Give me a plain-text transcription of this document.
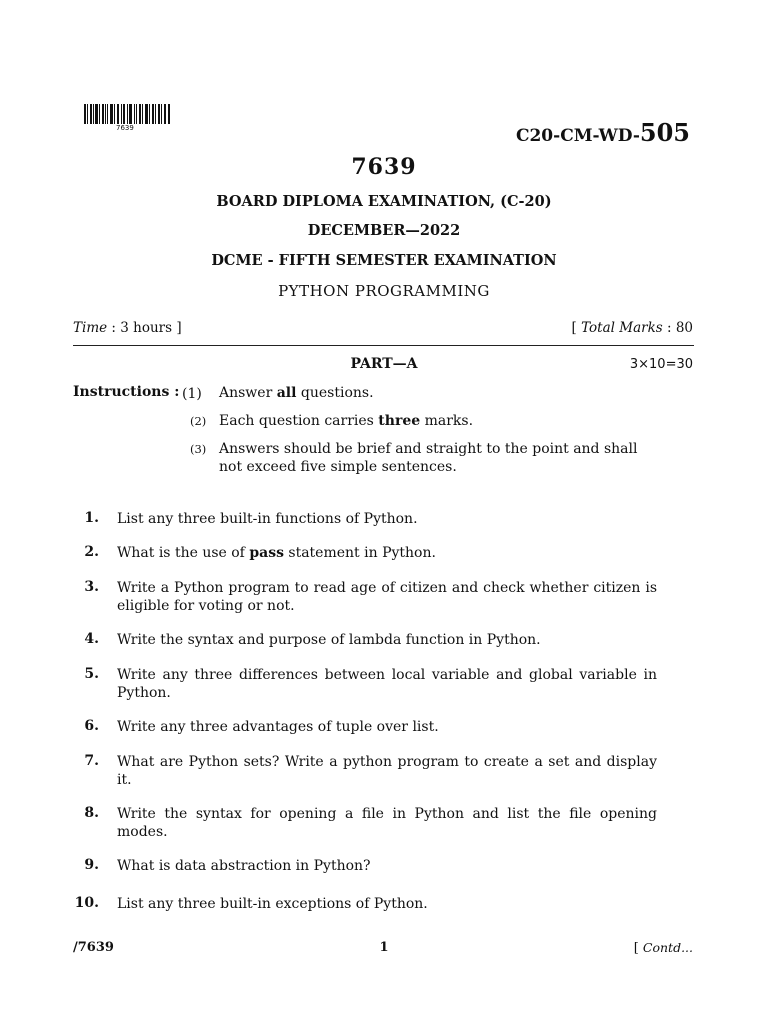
7639	C20-CM-WD-505
7639
BOARD DIPLOMA EXAMINATION, (C-20)
DECEMBER—2022
DCME - FIFTH SEMESTER EXAMINATION
PYTHON PROGRAMMING
Time : 3 hours ]	[ Total Marks : 80
PART—A	3×10=30
Instructions : (1) Answer all questions.
(2) Each question carries three marks.
(3) Answers should be brief and straight to the point and shall
not exceed five simple sentences.
1. List any three built-in functions of Python.
2. What is the use of pass statement in Python.
3. Write a Python program to read age of citizen and check whether citizen is eligible for voting or not.
4. Write the syntax and purpose of lambda function in Python.
5. Write any three differences between local variable and global variable in Python.
6. Write any three advantages of tuple over list.
7. What are Python sets? Write a python program to create a set and display it.
8. Write the syntax for opening a file in Python and list the file opening modes.
9. What is data abstraction in Python?
10. List any three built-in exceptions of Python.
/7639	1	[ Contd...
